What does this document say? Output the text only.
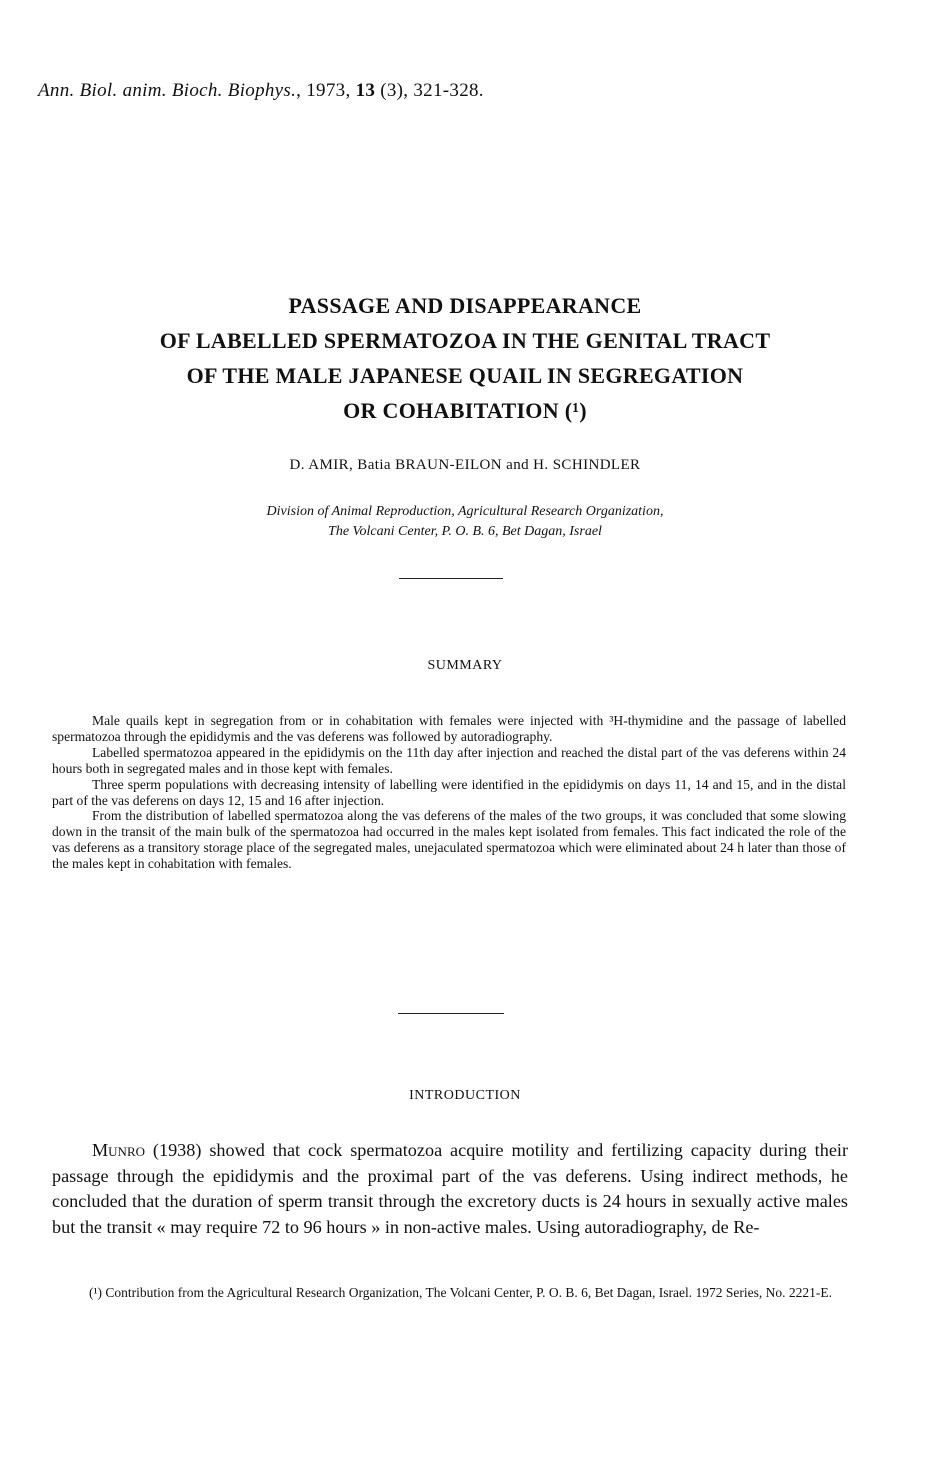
Ann. Biol. anim. Bioch. Biophys., 1973, 13 (3), 321-328.
PASSAGE AND DISAPPEARANCE
OF LABELLED SPERMATOZOA IN THE GENITAL TRACT
OF THE MALE JAPANESE QUAIL IN SEGREGATION
OR COHABITATION (¹)
D. AMIR, Batia BRAUN-EILON and H. SCHINDLER
Division of Animal Reproduction, Agricultural Research Organization,
The Volcani Center, P. O. B. 6, Bet Dagan, Israel
SUMMARY

Male quails kept in segregation from or in cohabitation with females were injected with ³H-thymidine and the passage of labelled spermatozoa through the epididymis and the vas deferens was followed by autoradiography.

Labelled spermatozoa appeared in the epididymis on the 11th day after injection and reached the distal part of the vas deferens within 24 hours both in segregated males and in those kept with females.

Three sperm populations with decreasing intensity of labelling were identified in the epididymis on days 11, 14 and 15, and in the distal part of the vas deferens on days 12, 15 and 16 after injection.

From the distribution of labelled spermatozoa along the vas deferens of the males of the two groups, it was concluded that some slowing down in the transit of the main bulk of the spermatozoa had occurred in the males kept isolated from females. This fact indicated the role of the vas deferens as a transitory storage place of the segregated males, unejaculated spermatozoa which were eliminated about 24 h later than those of the males kept in cohabitation with females.

INTRODUCTION

Munro (1938) showed that cock spermatozoa acquire motility and fertilizing capacity during their passage through the epididymis and the proximal part of the vas deferens. Using indirect methods, he concluded that the duration of sperm transit through the excretory ducts is 24 hours in sexually active males but the transit « may require 72 to 96 hours » in non-active males. Using autoradiography, de Re-

(¹) Contribution from the Agricultural Research Organization, The Volcani Center, P. O. B. 6, Bet Dagan, Israel. 1972 Series, No. 2221-E.
